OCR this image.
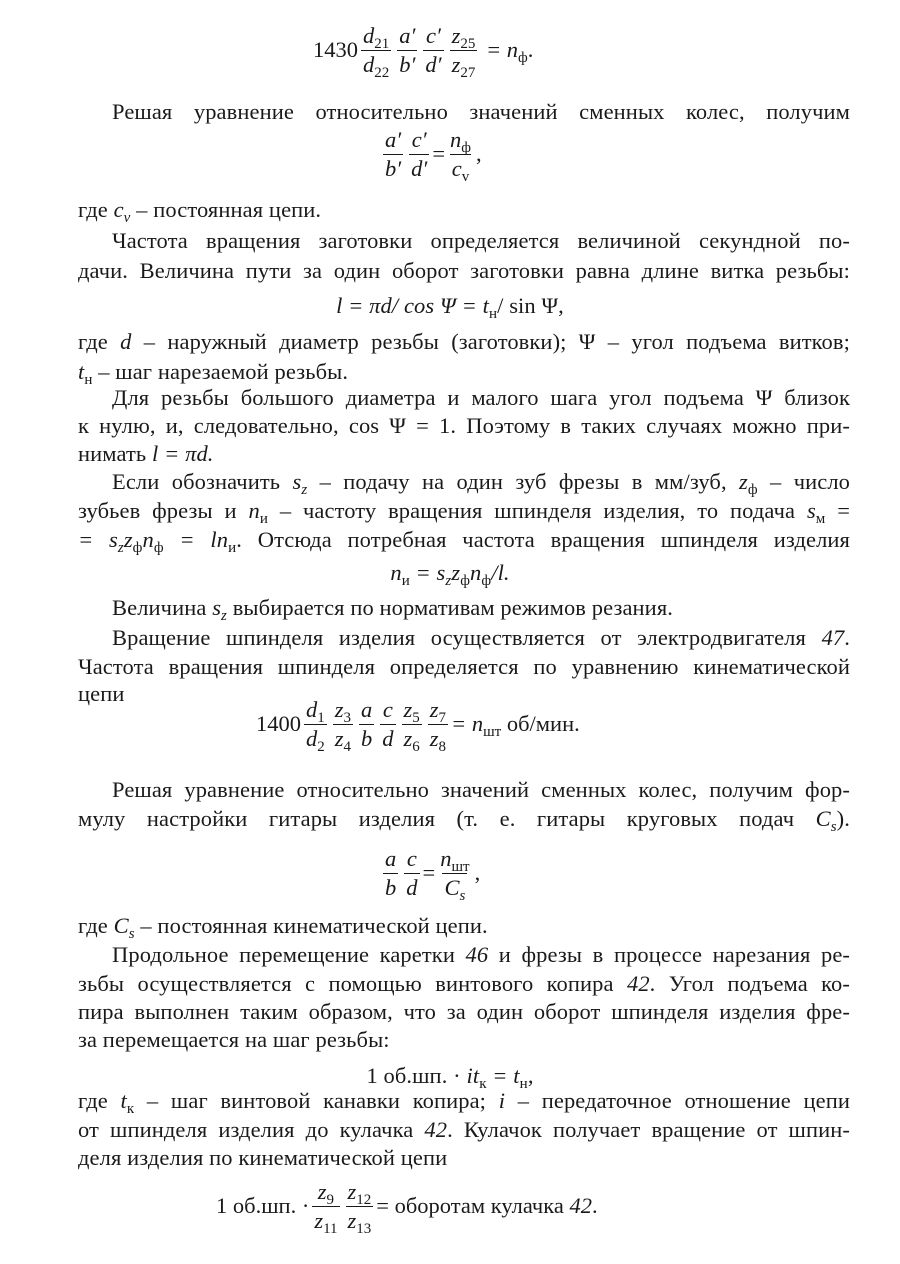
$1430 \frac{d_{21}}{d_{22}} \frac{a'}{b'} \frac{c'}{d'} \frac{z_{25}}{z_{27}} = n_ф$.
Решая уравнение относительно значений сменных колес, получим
$\frac{a'}{b'} \frac{c'}{d'} = \frac{n_ф}{c_v}$ ,
где $c_v$ – постоянная цепи.
Частота вращения заготовки определяется величиной секундной по-
дачи. Величина пути за один оборот заготовки равна длине витка резьбы:
l = πd/ $\cos \Psi = t_н/$ sin Ψ,
где d – наружный диаметр резьбы (заготовки); Ψ – угол подъема витков;
$t_н$ – шаг нарезаемой резьбы.
Для резьбы большого диаметра и малого шага угол подъема Ψ близок
к нулю, и, следовательно, cos Ψ = 1. Поэтому в таких случаях можно при-
нимать l = πd.
Если обозначить $s_z$ – подачу на один зуб фрезы в мм/зуб, $z_ф$ – число
зубьев фрезы и $n_и$ – частоту вращения шпинделя изделия, то подача $s_м$ =
= $s_zz_фn_ф = \ln_и$. Отсюда потребная частота вращения шпинделя изделия
$n_и = s_zz_фn_ф/l$.
Величина $s_z$ выбирается по нормативам режимов резания.
Вращение шпинделя изделия осуществляется от электродвигателя 47.
Частота вращения шпинделя определяется по уравнению кинематической
цепи
$1400 \frac{d_1}{d_2} \frac{z_3}{z_4} \frac{a}{b} \frac{c}{d} \frac{z_5}{z_6} \frac{z_7}{z_8} = n_{шт}$ об/мин.
Решая уравнение относительно значений сменных колес, получим фор-
мулу настройки гитары изделия (т. е. гитары круговых подач $C_s$).
$\frac{a}{b} \frac{c}{d} = \frac{n_{шт}}{C_s}$ ,
где $C_s$ – постоянная кинематической цепи.
Продольное перемещение каретки 46 и фрезы в процессе нарезания ре-
зьбы осуществляется с помощью винтового копира 42. Угол подъема ко-
пира выполнен таким образом, что за один оборот шпинделя изделия фре-
за перемещается на шаг резьбы:
1 об.шп. · $it_к = t_н$,
где $t_к$ – шаг винтовой канавки копира; i – передаточное отношение цепи
от шпинделя изделия до кулачка 42. Кулачок получает вращение от шпин-
деля изделия по кинематической цепи
1 об.шп. · $\frac{z_9}{z_{11}} \frac{z_{12}}{z_{13}}$ = оборотам кулачка 42.
